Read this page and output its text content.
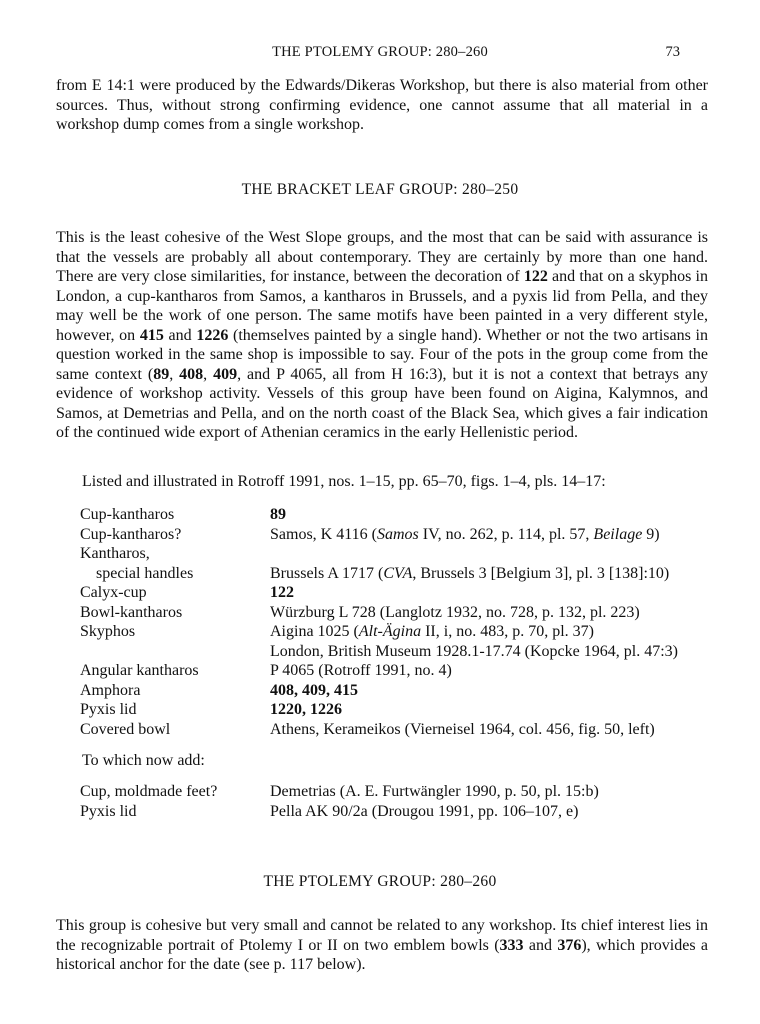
THE PTOLEMY GROUP: 280–260	73
from E 14:1 were produced by the Edwards/Dikeras Workshop, but there is also material from other sources. Thus, without strong confirming evidence, one cannot assume that all material in a workshop dump comes from a single workshop.
THE BRACKET LEAF GROUP: 280–250
This is the least cohesive of the West Slope groups, and the most that can be said with assurance is that the vessels are probably all about contemporary. They are certainly by more than one hand. There are very close similarities, for instance, between the decoration of 122 and that on a skyphos in London, a cup-kantharos from Samos, a kantharos in Brussels, and a pyxis lid from Pella, and they may well be the work of one person. The same motifs have been painted in a very different style, however, on 415 and 1226 (themselves painted by a single hand). Whether or not the two artisans in question worked in the same shop is impossible to say. Four of the pots in the group come from the same context (89, 408, 409, and P 4065, all from H 16:3), but it is not a context that betrays any evidence of workshop activity. Vessels of this group have been found on Aigina, Kalymnos, and Samos, at Demetrias and Pella, and on the north coast of the Black Sea, which gives a fair indication of the continued wide export of Athenian ceramics in the early Hellenistic period.
Listed and illustrated in Rotroff 1991, nos. 1–15, pp. 65–70, figs. 1–4, pls. 14–17:
Cup-kantharos	89
Cup-kantharos?	Samos, K 4116 (Samos IV, no. 262, p. 114, pl. 57, Beilage 9)
Kantharos,	
special handles	Brussels A 1717 (CVA, Brussels 3 [Belgium 3], pl. 3 [138]:10)
Calyx-cup	122
Bowl-kantharos	Würzburg L 728 (Langlotz 1932, no. 728, p. 132, pl. 223)
Skyphos	Aigina 1025 (Alt-Ägina II, i, no. 483, p. 70, pl. 37)
	London, British Museum 1928.1-17.74 (Kopcke 1964, pl. 47:3)
Angular kantharos	P 4065 (Rotroff 1991, no. 4)
Amphora	408, 409, 415
Pyxis lid	1220, 1226
Covered bowl	Athens, Kerameikos (Vierneisel 1964, col. 456, fig. 50, left)
To which now add:
Cup, moldmade feet?	Demetrias (A. E. Furtwängler 1990, p. 50, pl. 15:b)
Pyxis lid	Pella AK 90/2a (Drougou 1991, pp. 106–107, e)
THE PTOLEMY GROUP: 280–260
This group is cohesive but very small and cannot be related to any workshop. Its chief interest lies in the recognizable portrait of Ptolemy I or II on two emblem bowls (333 and 376), which provides a historical anchor for the date (see p. 117 below).
